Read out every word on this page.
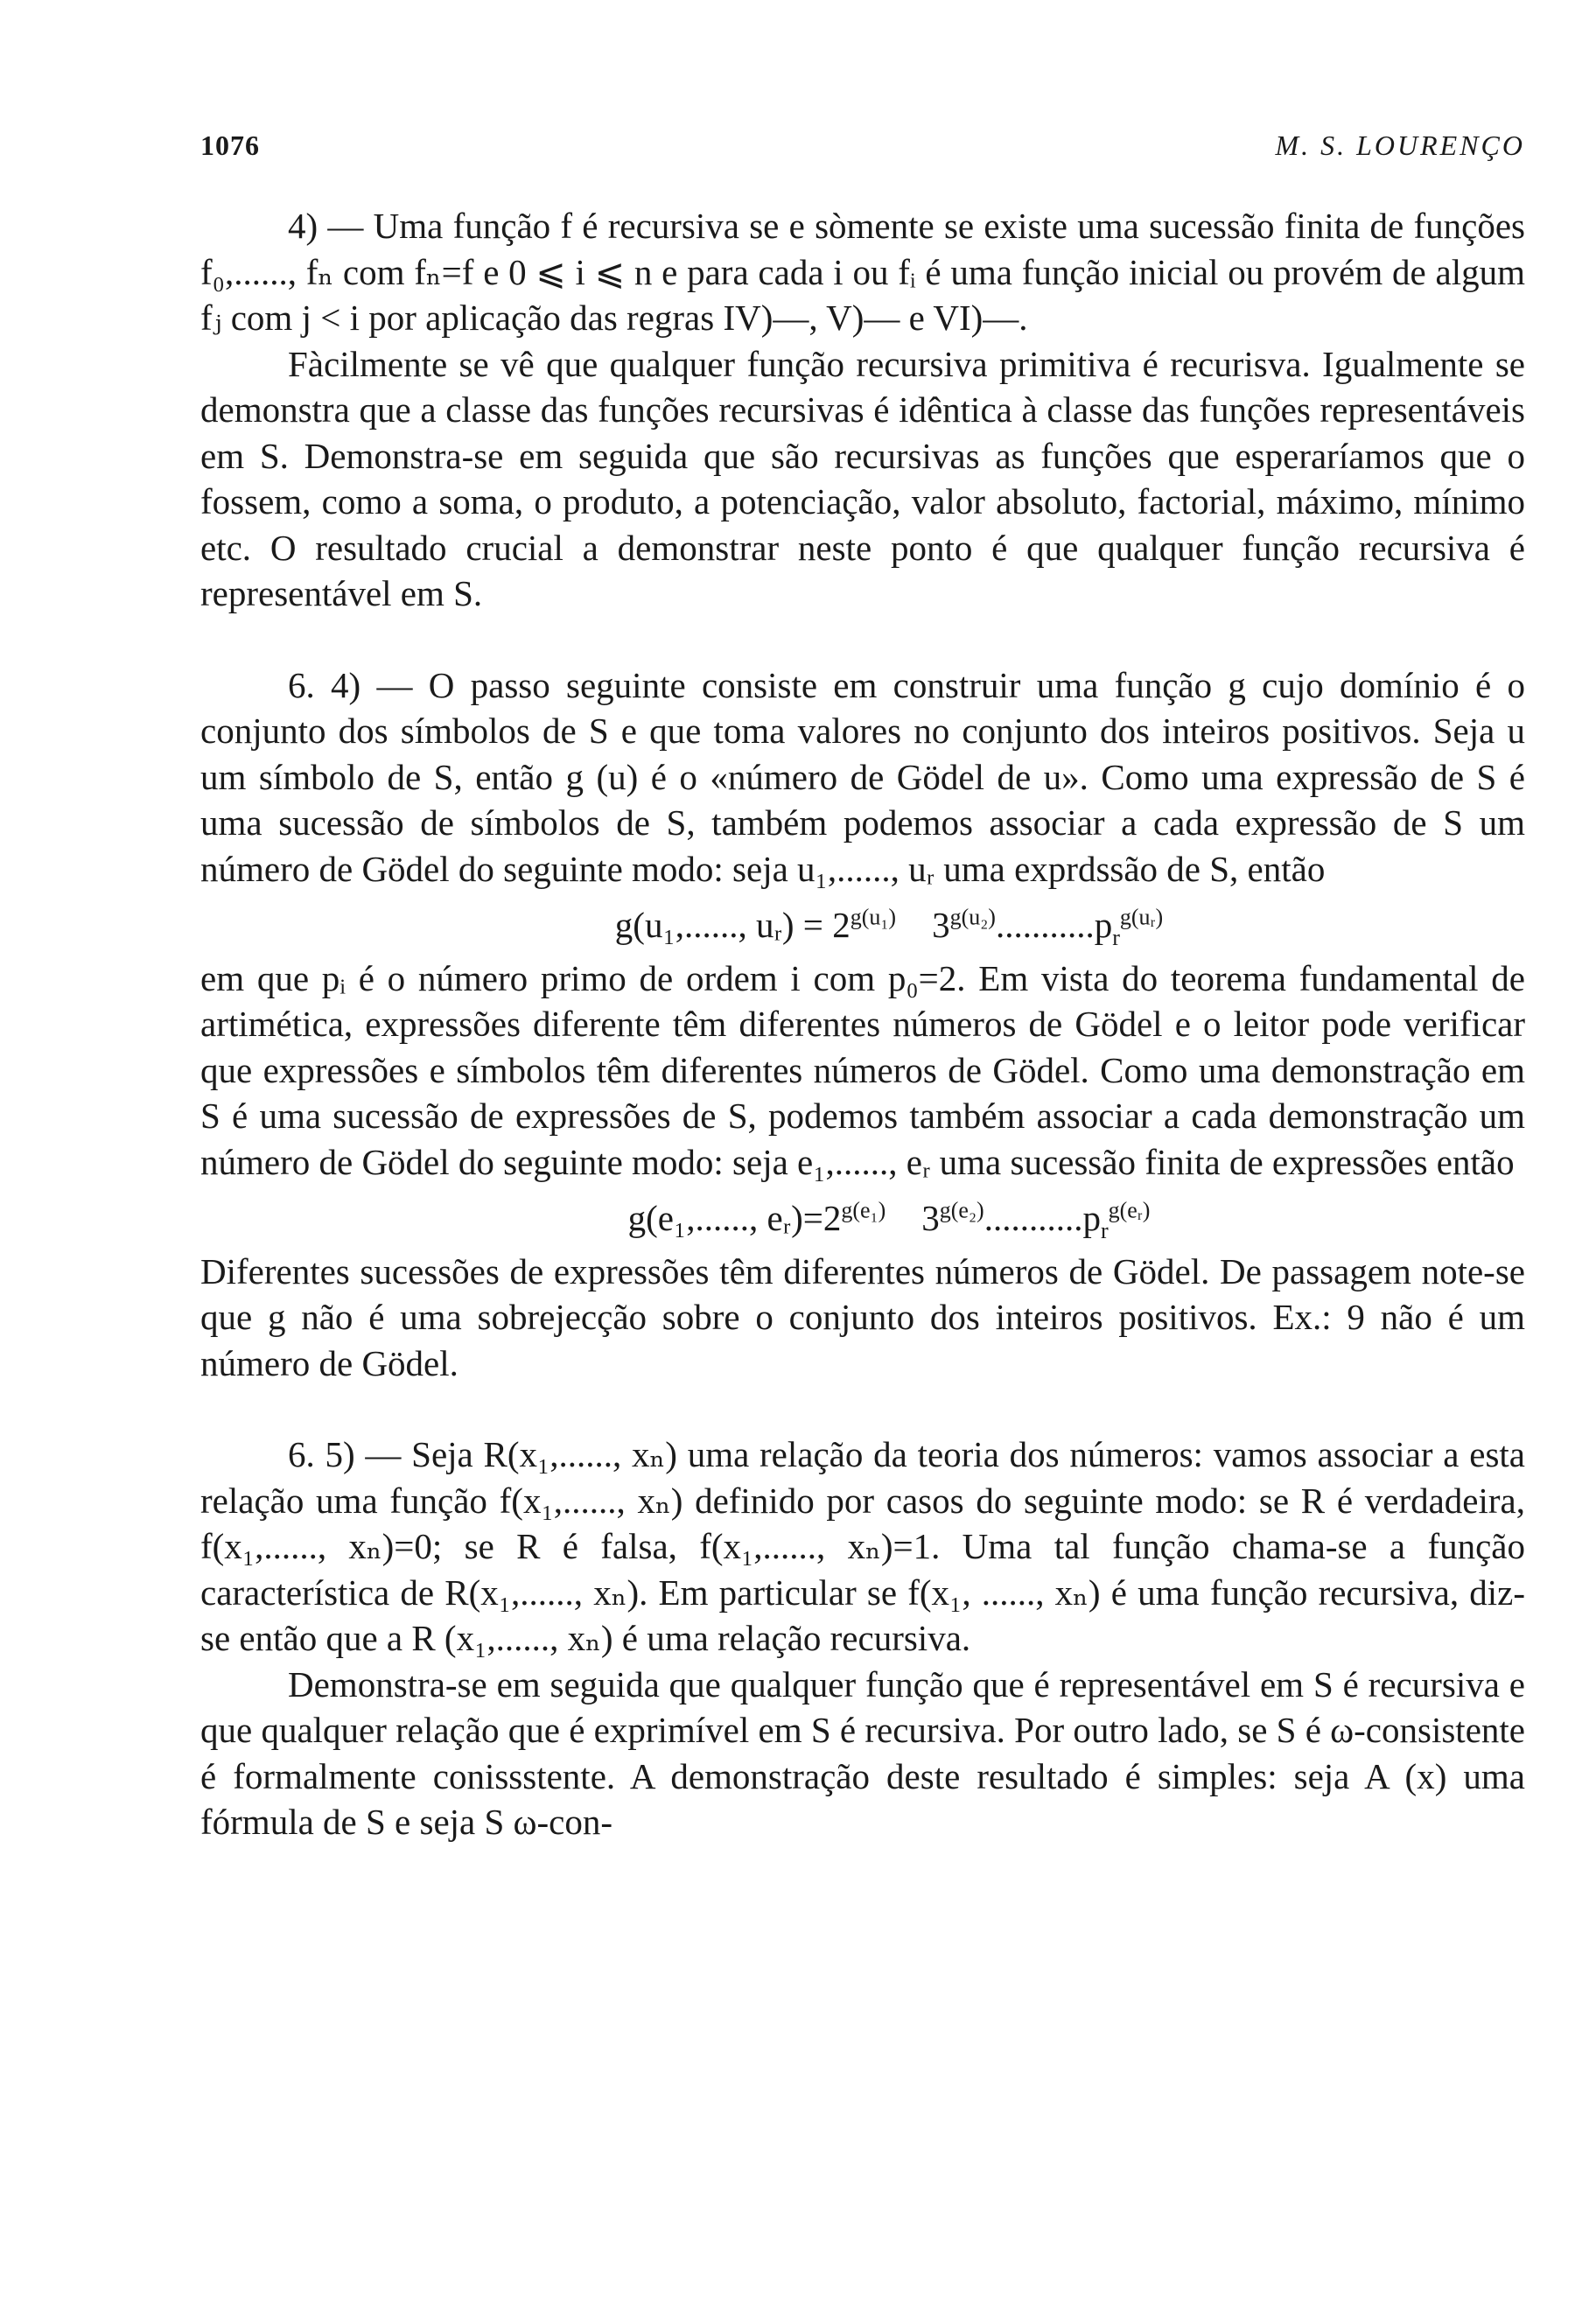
1076	M. S. LOURENÇO

4) — Uma função f é recursiva se e sòmente se existe uma sucessão finita de funções f₀,......, fₙ com fₙ=f e 0 ⩽ i ⩽ n e para cada i ou fᵢ é uma função inicial ou provém de algum fⱼ com j < i por aplicação das regras IV)—, V)— e VI)—.

Fàcilmente se vê que qualquer função recursiva primitiva é recurisva. Igualmente se demonstra que a classe das funções recursivas é idêntica à classe das funções representáveis em S. Demonstra-se em seguida que são recursivas as funções que esperaríamos que o fossem, como a soma, o produto, a potenciação, valor absoluto, factorial, máximo, mínimo etc. O resultado crucial a demonstrar neste ponto é que qualquer função recursiva é representável em S.

6. 4) — O passo seguinte consiste em construir uma função g cujo domínio é o conjunto dos símbolos de S e que toma valores no conjunto dos inteiros positivos. Seja u um símbolo de S, então g (u) é o «número de Gödel de u». Como uma expressão de S é uma sucessão de símbolos de S, também podemos associar a cada expressão de S um número de Gödel do seguinte modo: seja u₁,......, uᵣ uma exprdssão de S, então

g(u₁,......, uᵣ) = $2^{g(u_1)}$ $3^{g(u_2)}...........p_r^{g(uᵣ)}$

em que pᵢ é o número primo de ordem i com p₀=2. Em vista do teorema fundamental de artimética, expressões diferente têm diferentes números de Gödel e o leitor pode verificar que expressões e símbolos têm diferentes números de Gödel. Como uma demonstração em S é uma sucessão de expressões de S, podemos também associar a cada demonstração um número de Gödel do seguinte modo: seja e₁,......, eᵣ uma sucessão finita de expressões então

g(e₁,......, $eᵣ)=2^{g(e_1)}$ $3^{g(e_2)}...........p_r^{g(eᵣ)}$

Diferentes sucessões de expressões têm diferentes números de Gödel. De passagem note-se que g não é uma sobrejecção sobre o conjunto dos inteiros positivos. Ex.: 9 não é um número de Gödel.

6. 5) — Seja R(x₁,......, xₙ) uma relação da teoria dos números: vamos associar a esta relação uma função f(x₁,......, xₙ) definido por casos do seguinte modo: se R é verdadeira, f(x₁,......, xₙ)=0; se R é falsa, f(x₁,......, xₙ)=1. Uma tal função chama-se a função característica de R(x₁,......, xₙ). Em particular se f(x₁, ......, xₙ) é uma função recursiva, diz-se então que a R (x₁,......, xₙ) é uma relação recursiva.

Demonstra-se em seguida que qualquer função que é representável em S é recursiva e que qualquer relação que é exprimível em S é recursiva. Por outro lado, se S é ω-consistente é formalmente conissstente. A demonstração deste resultado é simples: seja A (x) uma fórmula de S e seja S ω-con-
